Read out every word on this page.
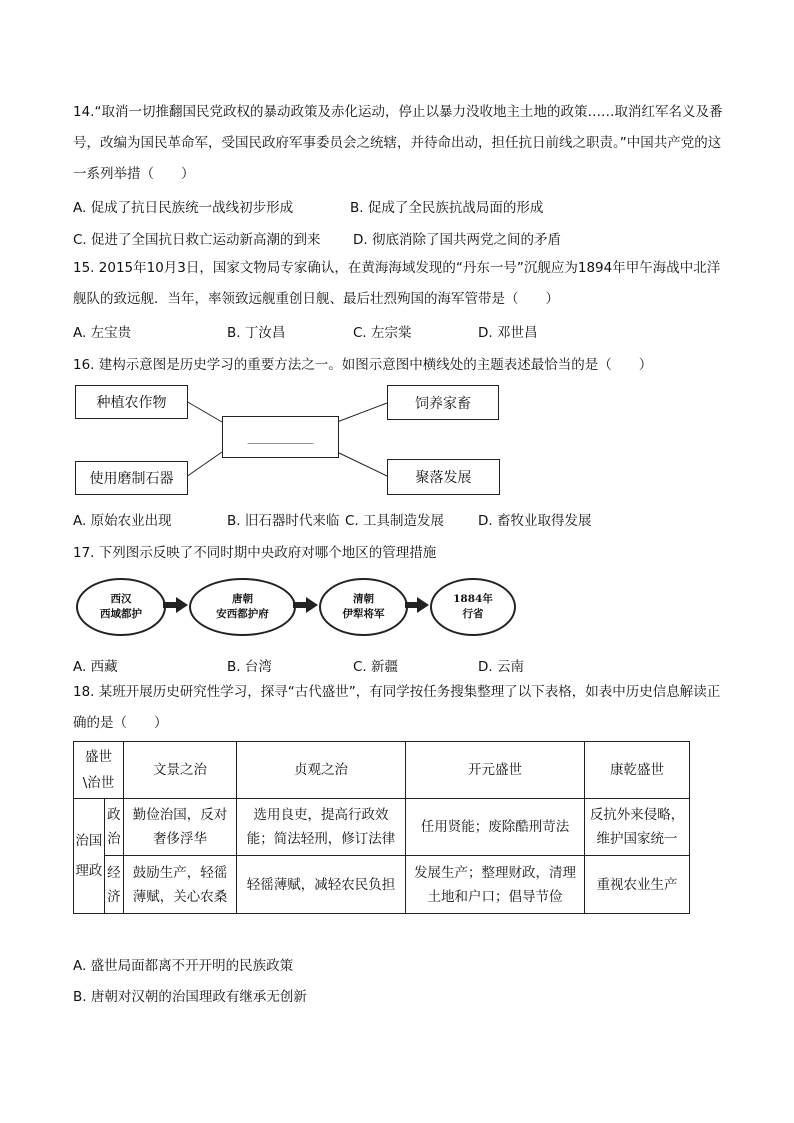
14.“取消一切推翻国民党政权的暴动政策及赤化运动，停止以暴力没收地主土地的政策……取消红军名义及番号，改编为国民革命军，受国民政府军事委员会之统辖，并待命出动，担任抗日前线之职责。”中国共产党的这一系列举措（　　）
A. 促成了抗日民族统一战线初步形成	B. 促成了全民族抗战局面的形成
C. 促进了全国抗日救亡运动新高潮的到来 D. 彻底消除了国共两党之间的矛盾
15. 2015年10月3日，国家文物局专家确认，在黄海海域发现的“丹东一号”沉舰应为1894年甲午海战中北洋舰队的致远舰．当年，率领致远舰重创日舰、最后壮烈殉国的海军管带是（　　）
A. 左宝贵	B. 丁汝昌	C. 左宗棠	D. 邓世昌
16. 建构示意图是历史学习的重要方法之一。如图示意图中横线处的主题表述最恰当的是（　　）
种植农作物
使用磨制石器
____________
饲养家畜
聚落发展
A. 原始农业出现	B. 旧石器时代来临 C. 工具制造发展	D. 畜牧业取得发展
17. 下列图示反映了不同时期中央政府对哪个地区的管理措施
西汉
西域都护
唐朝
安西都护府
清朝
伊犁将军
1884年
行省
A. 西藏	B. 台湾	C. 新疆	D. 云南
18. 某班开展历史研究性学习，探寻“古代盛世”，有同学按任务搜集整理了以下表格，如表中历史信息解读正确的是（　　）
盛世\治世		文景之治	贞观之治	开元盛世	康乾盛世
治国理政	政治	勤俭治国，反对奢侈浮华	选用良吏，提高行政效能；简法轻刑，修订法律	任用贤能；废除酷刑苛法	反抗外来侵略，维护国家统一
	经济	鼓励生产，轻徭薄赋，关心农桑	轻徭薄赋，减轻农民负担	发展生产；整理财政，清理土地和户口；倡导节俭	重视农业生产
A. 盛世局面都离不开开明的民族政策
B. 唐朝对汉朝的治国理政有继承无创新
